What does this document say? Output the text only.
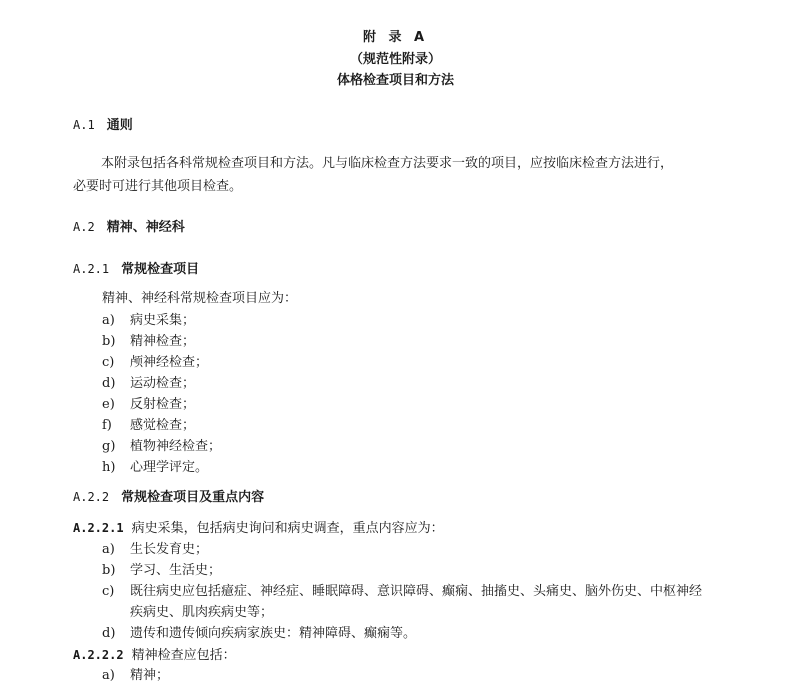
附 录 A
（规范性附录）
体格检查项目和方法
A.1 通则
本附录包括各科常规检查项目和方法。凡与临床检查方法要求一致的项目，应按临床检查方法进行，
必要时可进行其他项目检查。
A.2 精神、神经科
A.2.1 常规检查项目
精神、神经科常规检查项目应为：
a) 病史采集；
b) 精神检查；
c) 颅神经检查；
d) 运动检查；
e) 反射检查；
f) 感觉检查；
g) 植物神经检查；
h) 心理学评定。
A.2.2 常规检查项目及重点内容
A.2.2.1 病史采集，包括病史询问和病史调查，重点内容应为：
a) 生长发育史；
b) 学习、生活史；
c)	既往病史应包括癔症、神经症、睡眠障碍、意识障碍、癫痫、抽搐史、头痛史、脑外伤史、中枢神经疾病史、肌肉疾病史等；
d) 遗传和遗传倾向疾病家族史：精神障碍、癫痫等。
A.2.2.2 精神检查应包括：
a) 精神；
